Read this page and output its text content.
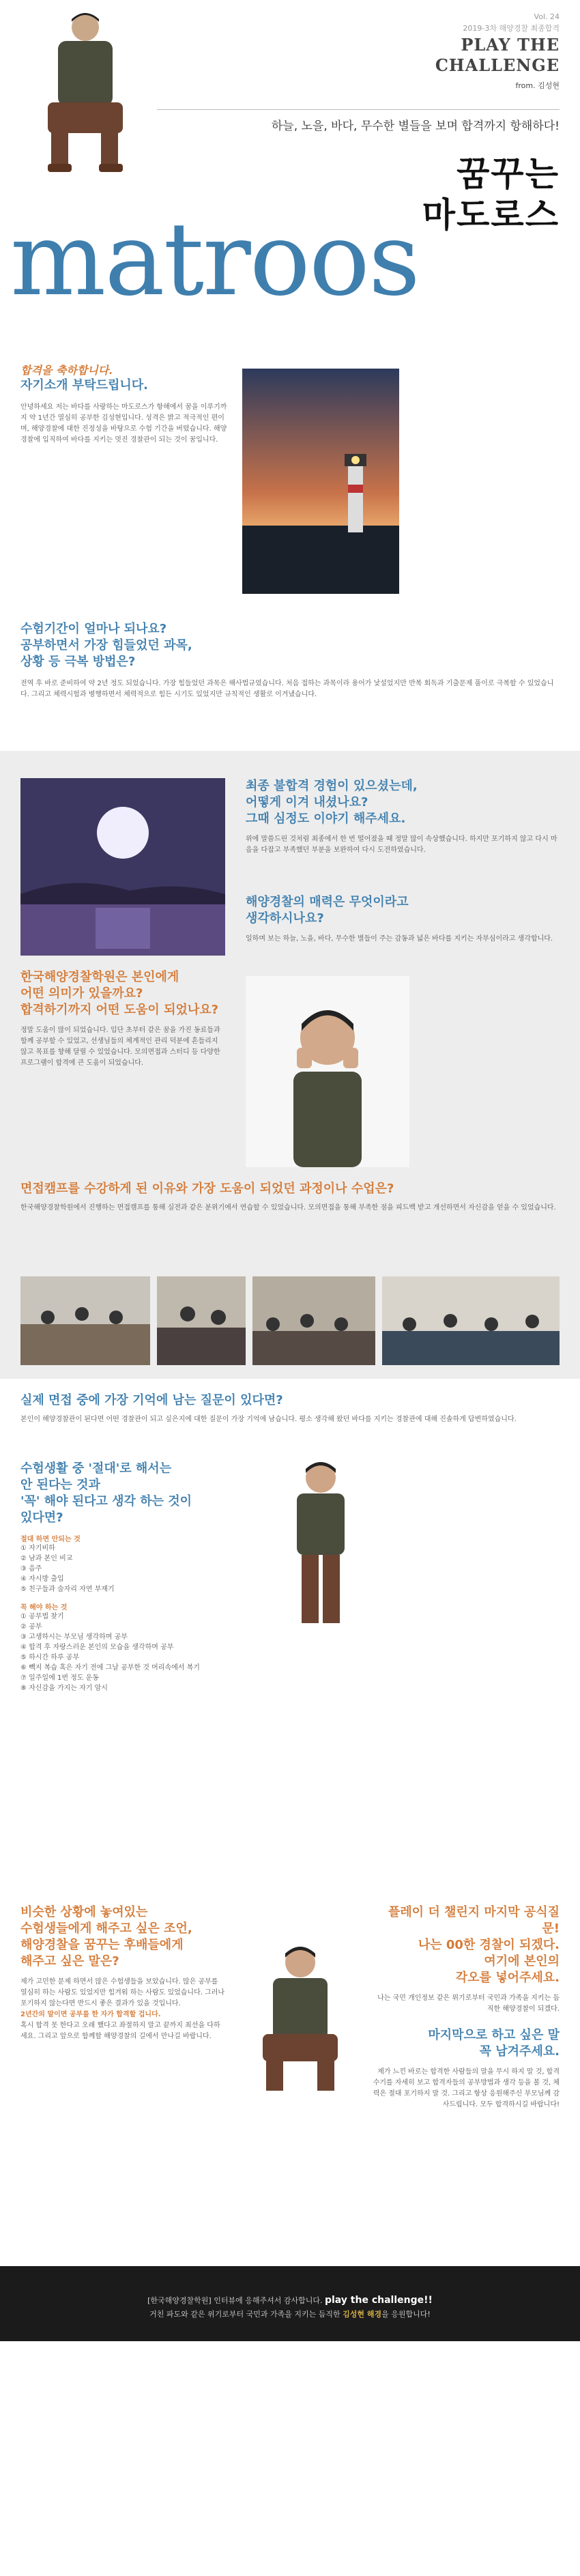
Vol. 24
2019-3차 해양경찰 최종합격
PLAY THE
CHALLENGE
from. 김성현
하늘, 노을, 바다, 무수한 별들을 보며 합격까지 항해하다!
꿈꾸는
마도로스
matroos
합격을 축하합니다.
자기소개 부탁드립니다.

안녕하세요 저는 바다를 사랑하는 마도로스가 항해에서 꿈을 이루기까지 약 1년간 열심히 공부한 김성현입니다. 성격은 밝고 적극적인 편이며, 해양경찰에 대한 진정성을 바탕으로 수험 기간을 버텼습니다. 해양경찰에 입직하여 바다를 지키는 멋진 경찰관이 되는 것이 꿈입니다.

수험기간이 얼마나 되나요?
공부하면서 가장 힘들었던 과목,
상황 등 극복 방법은?

전역 후 바로 준비하여 약 2년 정도 되었습니다. 가장 힘들었던 과목은 해사법규였습니다. 처음 접하는 과목이라 용어가 낯설었지만 반복 회독과 기출문제 풀이로 극복할 수 있었습니다. 그리고 체력시험과 병행하면서 체력적으로 힘든 시기도 있었지만 규칙적인 생활로 이겨냈습니다.

최종 불합격 경험이 있으셨는데,
어떻게 이겨 내셨나요?
그때 심정도 이야기 해주세요.

위에 말씀드린 것처럼 최종에서 한 번 떨어졌을 때 정말 많이 속상했습니다. 하지만 포기하지 않고 다시 마음을 다잡고 부족했던 부분을 보완하여 다시 도전하였습니다.

해양경찰의 매력은 무엇이라고
생각하시나요?

일하며 보는 하늘, 노을, 바다, 무수한 별들이 주는 감동과 넓은 바다를 지키는 자부심이라고 생각합니다.

한국해양경찰학원은 본인에게
어떤 의미가 있을까요?
합격하기까지 어떤 도움이 되었나요?

정말 도움이 많이 되었습니다. 입단 초부터 같은 꿈을 가진 동료들과 함께 공부할 수 있었고, 선생님들의 체계적인 관리 덕분에 흔들리지 않고 목표를 향해 달릴 수 있었습니다. 모의면접과 스터디 등 다양한 프로그램이 합격에 큰 도움이 되었습니다.

면접캠프를 수강하게 된 이유와 가장 도움이 되었던 과정이나 수업은?

한국해양경찰학원에서 진행하는 면접캠프를 통해 실전과 같은 분위기에서 연습할 수 있었습니다. 모의면접을 통해 부족한 점을 피드백 받고 개선하면서 자신감을 얻을 수 있었습니다.

실제 면접 중에 가장 기억에 남는 질문이 있다면?

본인이 해양경찰관이 된다면 어떤 경찰관이 되고 싶은지에 대한 질문이 가장 기억에 남습니다. 평소 생각해 왔던 바다를 지키는 경찰관에 대해 진솔하게 답변하였습니다.

수험생활 중 '절대'로 해서는
안 된다는 것과
'꼭' 해야 된다고 생각 하는 것이
있다면?
절대 하면 안되는 것
① 자기비하
② 남과 본인 비교
③ 음주
④ 자시방 출입
⑤ 친구들과 술자리 자연 부재기
꼭 해야 하는 것
① 공부법 찾기
② 공부
③ 고생하시는 부모님 생각하며 공부
④ 합격 후 자랑스러운 본인의 모습을 생각하며 공부
⑤ 하시간 하루 공부
⑥ 빽지 복습 혹은 자기 전에 그날 공부한 것 머리속에서 복기
⑦ 일주일에 1번 정도 운동
⑧ 자신감을 가지는 자기 암시
비슷한 상황에 놓여있는
수험생들에게 해주고 싶은 조언,
해양경찰을 꿈꾸는 후배들에게
해주고 싶은 말은?

제가 고민한 문제 하면서 많은 수험생들을 보았습니다. 많은 공부를 열심히 하는 사람도 있었지만 힘겨워 하는 사람도 있었습니다. 그러나 포기하지 않는다면 반드시 좋은 결과가 있을 것입니다.

2년간의 말이면 공부를 한 자가 합격할 겁니다.

혹시 합격 못 한다고 오래 했다고 좌절하지 말고 끝까지 최선을 다하세요. 그리고 앞으로 함께할 해양경찰의 길에서 만나길 바랍니다.

플레이 더 챌린지 마지막 공식질문!
나는 00한 경찰이 되겠다.
여기에 본인의
각오를 넣어주세요.

나는 국민 개인정보 같은 위기로부터 국민과 가족을 지키는 듬직한 해양경찰이 되겠다.

마지막으로 하고 싶은 말
꼭 남겨주세요.

제가 느낀 바로는 합격한 사람들의 말을 무시 하지 말 것, 합격수기를 자세히 보고 합격자들의 공부방법과 생각 등을 볼 것, 체력은 절대 포기하지 말 것. 그리고 항상 응원해주신 부모님께 감사드립니다. 모두 합격하시길 바랍니다!

[한국해양경찰학원] 인터뷰에 응해주셔서 감사합니다. play the challenge!!
거친 파도와 같은 위기로부터 국민과 가족을 지키는 듬직한 김성현 해경을 응원합니다!
